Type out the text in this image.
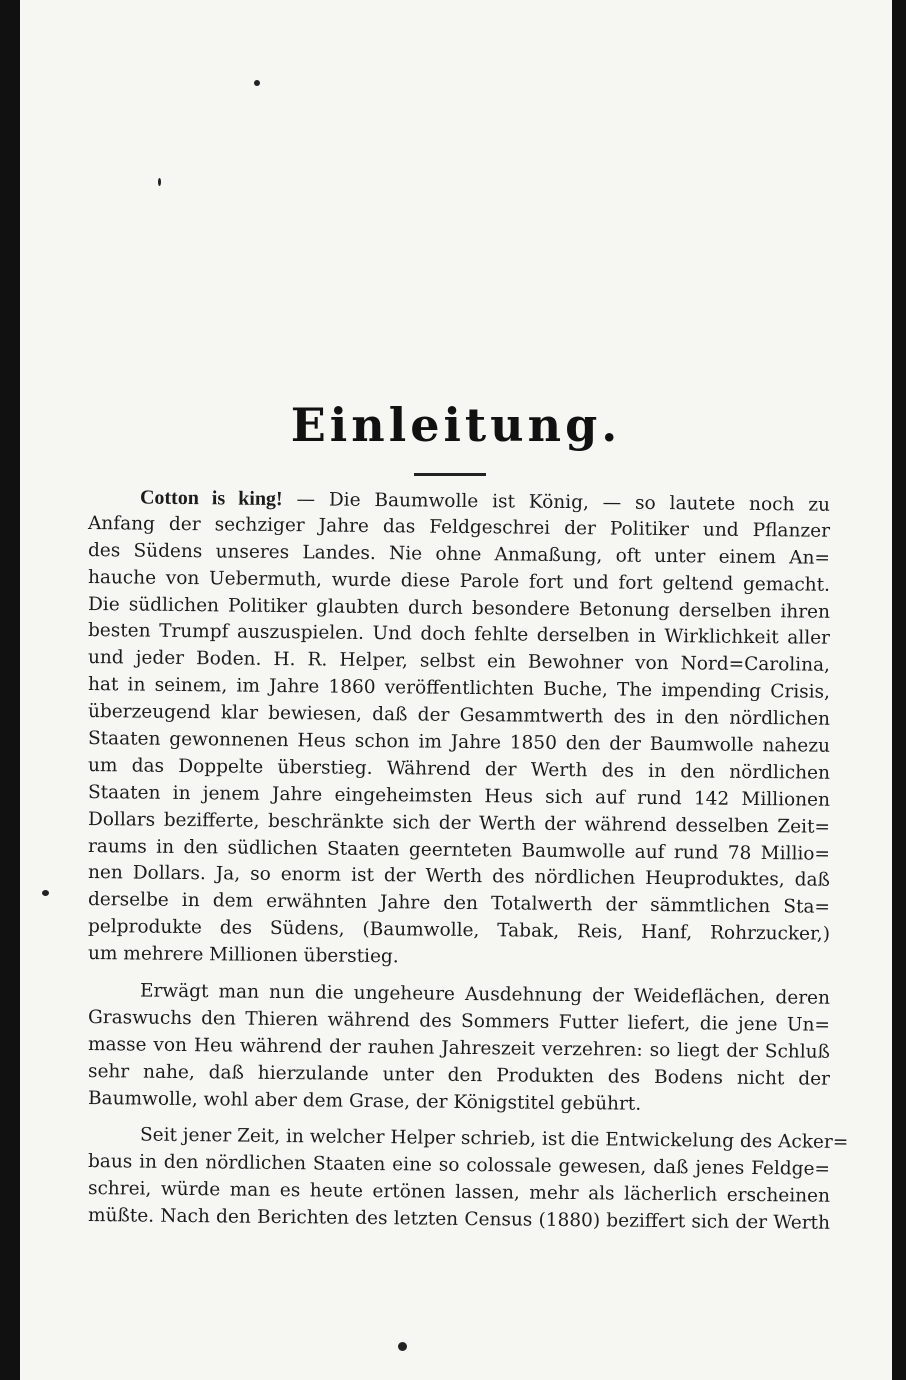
Einleitung.
Cotton is king! — Die Baumwolle ist König, — so lautete noch zu
Anfang der sechziger Jahre das Feldgeschrei der Politiker und Pflanzer
des Südens unseres Landes. Nie ohne Anmaßung, oft unter einem An=
hauche von Uebermuth, wurde diese Parole fort und fort geltend gemacht.
Die südlichen Politiker glaubten durch besondere Betonung derselben ihren
besten Trumpf auszuspielen. Und doch fehlte derselben in Wirklichkeit aller
und jeder Boden. H. R. Helper, selbst ein Bewohner von Nord=Carolina,
hat in seinem, im Jahre 1860 veröffentlichten Buche, The impending Crisis,
überzeugend klar bewiesen, daß der Gesammtwerth des in den nördlichen
Staaten gewonnenen Heus schon im Jahre 1850 den der Baumwolle nahezu
um das Doppelte überstieg. Während der Werth des in den nördlichen
Staaten in jenem Jahre eingeheimsten Heus sich auf rund 142 Millionen
Dollars bezifferte, beschränkte sich der Werth der während desselben Zeit=
raums in den südlichen Staaten geernteten Baumwolle auf rund 78 Millio=
nen Dollars. Ja, so enorm ist der Werth des nördlichen Heuproduktes, daß
derselbe in dem erwähnten Jahre den Totalwerth der sämmtlichen Sta=
pelprodukte des Südens, (Baumwolle, Tabak, Reis, Hanf, Rohrzucker,)
um mehrere Millionen überstieg.
Erwägt man nun die ungeheure Ausdehnung der Weideflächen, deren
Graswuchs den Thieren während des Sommers Futter liefert, die jene Un=
masse von Heu während der rauhen Jahreszeit verzehren: so liegt der Schluß
sehr nahe, daß hierzulande unter den Produkten des Bodens nicht der
Baumwolle, wohl aber dem Grase, der Königstitel gebührt.
Seit jener Zeit, in welcher Helper schrieb, ist die Entwickelung des Acker=
baus in den nördlichen Staaten eine so colossale gewesen, daß jenes Feldge=
schrei, würde man es heute ertönen lassen, mehr als lächerlich erscheinen
müßte. Nach den Berichten des letzten Census (1880) beziffert sich der Werth
